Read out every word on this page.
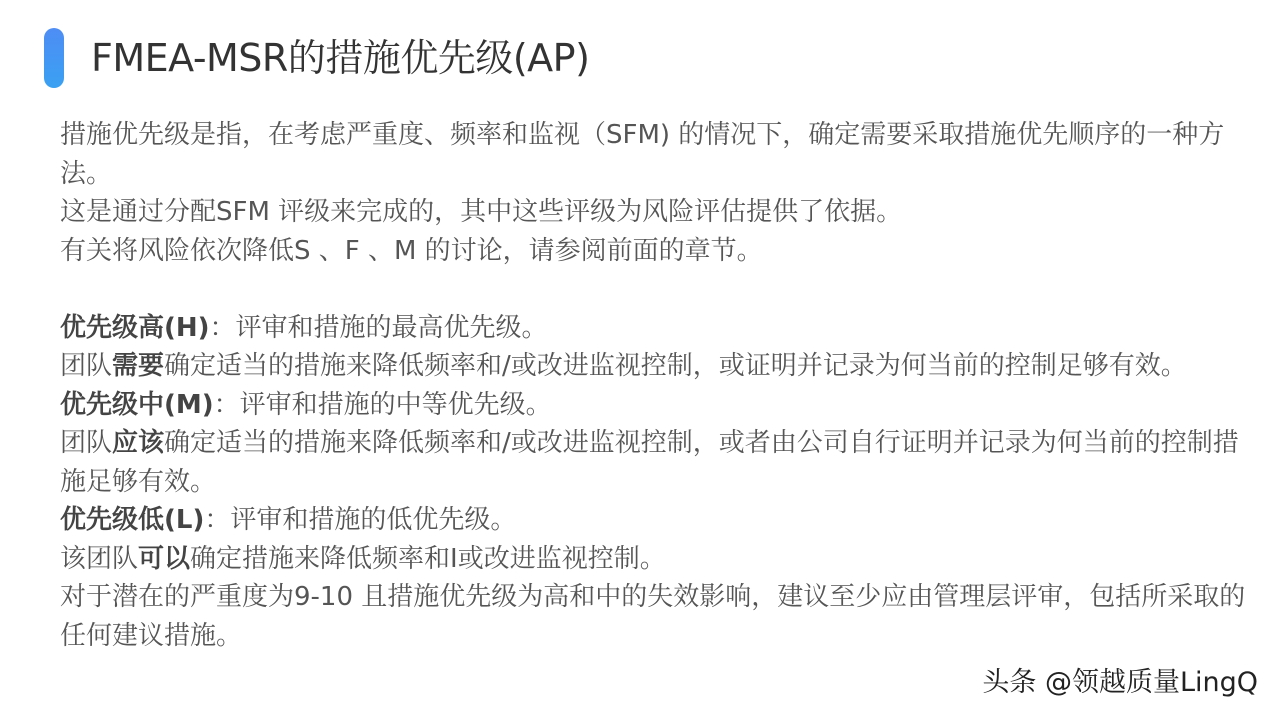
FMEA-MSR的措施优先级(AP)

措施优先级是指，在考虑严重度、频率和监视（SFM) 的情况下，确定需要采取措施优先顺序的一种方法。

这是通过分配SFM 评级来完成的，其中这些评级为风险评估提供了依据。

有关将风险依次降低S 、F 、M 的讨论，请参阅前面的章节。

优先级高(H)：评审和措施的最高优先级。

团队需要确定适当的措施来降低频率和/或改进监视控制，或证明并记录为何当前的控制足够有效。

优先级中(M)：评审和措施的中等优先级。

团队应该确定适当的措施来降低频率和/或改进监视控制，或者由公司自行证明并记录为何当前的控制措施足够有效。

优先级低(L)：评审和措施的低优先级。

该团队可以确定措施来降低频率和I或改进监视控制。

对于潜在的严重度为9-10 且措施优先级为高和中的失效影响，建议至少应由管理层评审，包括所采取的任何建议措施。

头条 @领越质量LingQ
